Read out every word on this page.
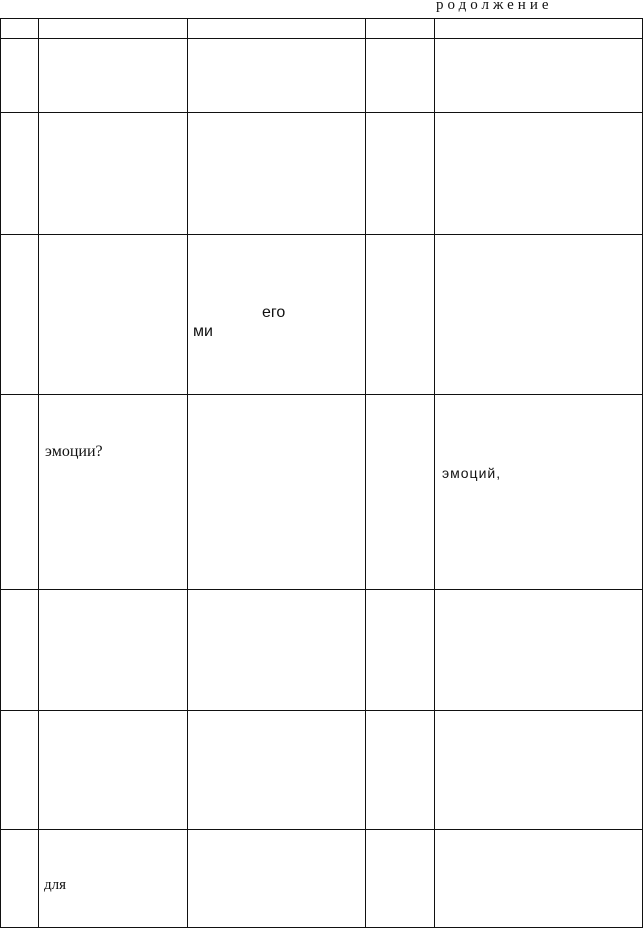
родолжение
его
ми
эмоции?
эмоций,
для
